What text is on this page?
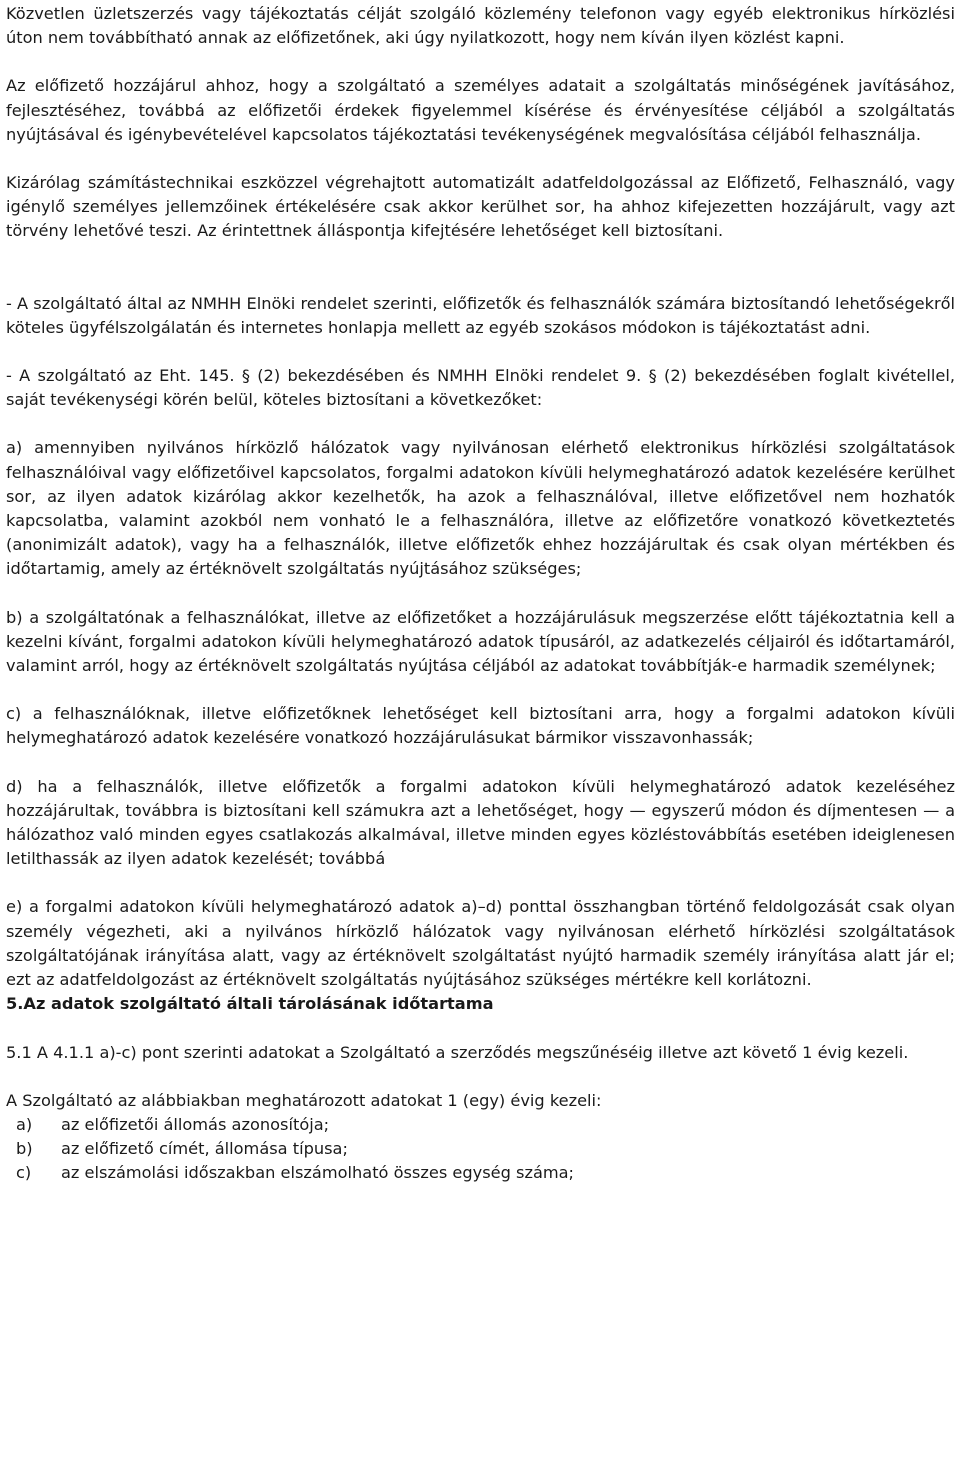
Közvetlen üzletszerzés vagy tájékoztatás célját szolgáló közlemény telefonon vagy egyéb elektronikus hírközlési úton nem továbbítható annak az előfizetőnek, aki úgy nyilatkozott, hogy nem kíván ilyen közlést kapni.

Az előfizető hozzájárul ahhoz, hogy a szolgáltató a személyes adatait a szolgáltatás minőségének javításához, fejlesztéséhez, továbbá az előfizetői érdekek figyelemmel kísérése és érvényesítése céljából a szolgáltatás nyújtásával és igénybevételével kapcsolatos tájékoztatási tevékenységének megvalósítása céljából felhasználja.

Kizárólag számítástechnikai eszközzel végrehajtott automatizált adatfeldolgozással az Előfizető, Felhasználó, vagy igénylő személyes jellemzőinek értékelésére csak akkor kerülhet sor, ha ahhoz kifejezetten hozzájárult, vagy azt törvény lehetővé teszi. Az érintettnek álláspontja kifejtésére lehetőséget kell biztosítani.

- A szolgáltató által az NMHH Elnöki rendelet szerinti, előfizetők és felhasználók számára biztosítandó lehetőségekről köteles ügyfélszolgálatán és internetes honlapja mellett az egyéb szokásos módokon is tájékoztatást adni.

- A szolgáltató az Eht. 145. § (2) bekezdésében és NMHH Elnöki rendelet 9. § (2) bekezdésében foglalt kivétellel, saját tevékenységi körén belül, köteles biztosítani a következőket:

a) amennyiben nyilvános hírközlő hálózatok vagy nyilvánosan elérhető elektronikus hírközlési szolgáltatások felhasználóival vagy előfizetőivel kapcsolatos, forgalmi adatokon kívüli helymeghatározó adatok kezelésére kerülhet sor, az ilyen adatok kizárólag akkor kezelhetők, ha azok a felhasználóval, illetve előfizetővel nem hozhatók kapcsolatba, valamint azokból nem vonható le a felhasználóra, illetve az előfizetőre vonatkozó következtetés (anonimizált adatok), vagy ha a felhasználók, illetve előfizetők ehhez hozzájárultak és csak olyan mértékben és időtartamig, amely az értéknövelt szolgáltatás nyújtásához szükséges;

b) a szolgáltatónak a felhasználókat, illetve az előfizetőket a hozzájárulásuk megszerzése előtt tájékoztatnia kell a kezelni kívánt, forgalmi adatokon kívüli helymeghatározó adatok típusáról, az adatkezelés céljairól és időtartamáról, valamint arról, hogy az értéknövelt szolgáltatás nyújtása céljából az adatokat továbbítják-e harmadik személynek;

c) a felhasználóknak, illetve előfizetőknek lehetőséget kell biztosítani arra, hogy a forgalmi adatokon kívüli helymeghatározó adatok kezelésére vonatkozó hozzájárulásukat bármikor visszavonhassák;

d) ha a felhasználók, illetve előfizetők a forgalmi adatokon kívüli helymeghatározó adatok kezeléséhez hozzájárultak, továbbra is biztosítani kell számukra azt a lehetőséget, hogy — egyszerű módon és díjmentesen — a hálózathoz való minden egyes csatlakozás alkalmával, illetve minden egyes közléstovábbítás esetében ideiglenesen letilthassák az ilyen adatok kezelését; továbbá

e) a forgalmi adatokon kívüli helymeghatározó adatok a)–d) ponttal összhangban történő feldolgozását csak olyan személy végezheti, aki a nyilvános hírközlő hálózatok vagy nyilvánosan elérhető hírközlési szolgáltatások szolgáltatójának irányítása alatt, vagy az értéknövelt szolgáltatást nyújtó harmadik személy irányítása alatt jár el; ezt az adatfeldolgozást az értéknövelt szolgáltatás nyújtásához szükséges mértékre kell korlátozni.

5.Az adatok szolgáltató általi tárolásának időtartama

5.1 A 4.1.1 a)-c) pont szerinti adatokat a Szolgáltató a szerződés megszűnéséig illetve azt követő 1 évig kezeli.

A Szolgáltató az alábbiakban meghatározott adatokat 1 (egy) évig kezeli:

a)	az előfizetői állomás azonosítója;
b)	az előfizető címét, állomása típusa;
c)	az elszámolási időszakban elszámolható összes egység száma;
